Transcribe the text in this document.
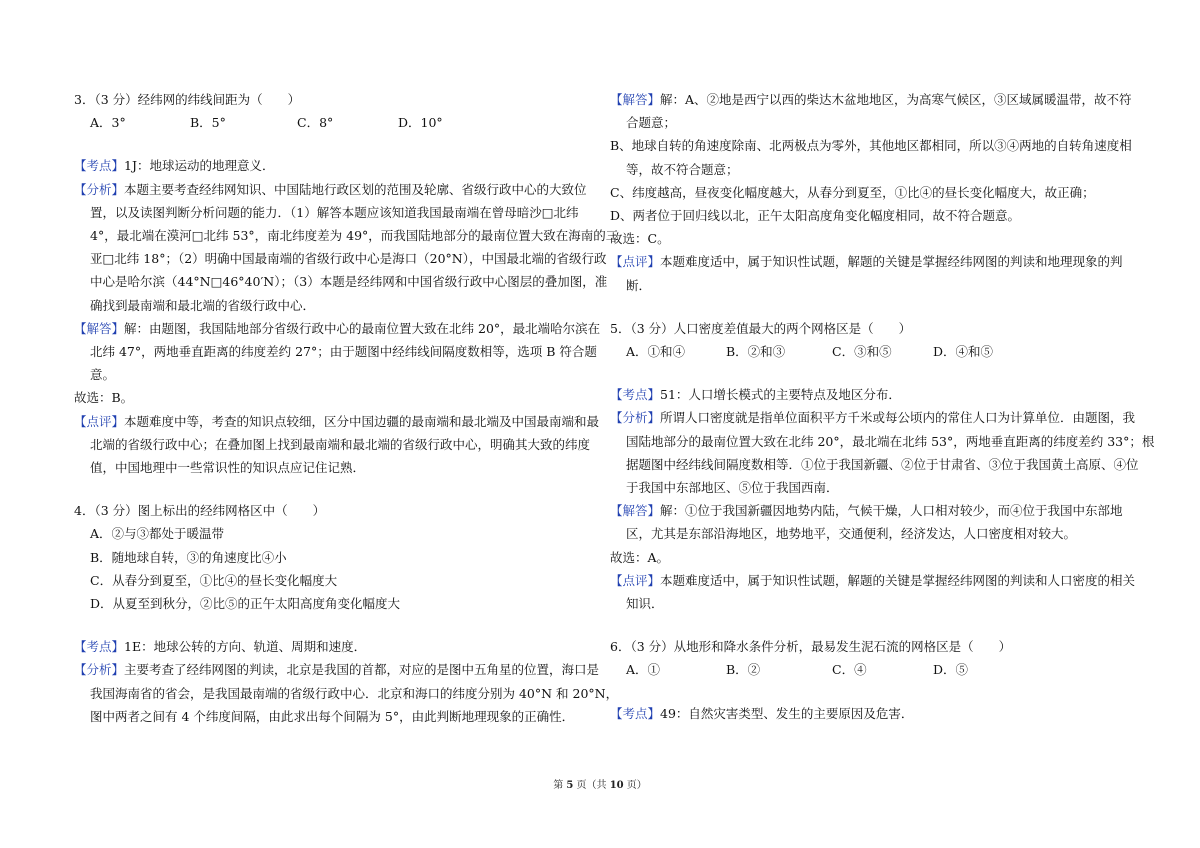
3．（3 分）经纬网的纬线间距为（　　）
A．3°	B．5°	C．8°	D．10°
【考点】1J：地球运动的地理意义．
【分析】本题主要考查经纬网知识、中国陆地行政区划的范围及轮廓、省级行政中心的大致位
置，以及读图判断分析问题的能力．（1）解答本题应该知道我国最南端在曾母暗沙□北纬
4°，最北端在漠河□北纬 53°，南北纬度差为 49°，而我国陆地部分的最南位置大致在海南的三
亚□北纬 18°；（2）明确中国最南端的省级行政中心是海口（20°N），中国最北端的省级行政
中心是哈尔滨（44°N□46°40′N）；（3）本题是经纬网和中国省级行政中心图层的叠加图，准
确找到最南端和最北端的省级行政中心．
【解答】解：由题图，我国陆地部分省级行政中心的最南位置大致在北纬 20°，最北端哈尔滨在
北纬 47°，两地垂直距离的纬度差约 27°；由于题图中经纬线间隔度数相等，选项 B 符合题
意。
故选：B。
【点评】本题难度中等，考查的知识点较细，区分中国边疆的最南端和最北端及中国最南端和最
北端的省级行政中心；在叠加图上找到最南端和最北端的省级行政中心，明确其大致的纬度
值，中国地理中一些常识性的知识点应记住记熟．
4．（3 分）图上标出的经纬网格区中（　　）
A．②与③都处于暖温带
B．随地球自转，③的角速度比④小
C．从春分到夏至，①比④的昼长变化幅度大
D．从夏至到秋分，②比⑤的正午太阳高度角变化幅度大
【考点】1E：地球公转的方向、轨道、周期和速度．
【分析】主要考查了经纬网图的判读，北京是我国的首都，对应的是图中五角星的位置，海口是
我国海南省的省会，是我国最南端的省级行政中心．北京和海口的纬度分别为 40°N 和 20°N，
图中两者之间有 4 个纬度间隔，由此求出每个间隔为 5°，由此判断地理现象的正确性．
【解答】解：A、②地是西宁以西的柴达木盆地地区，为高寒气候区，③区域属暖温带，故不符
合题意；
B、地球自转的角速度除南、北两极点为零外，其他地区都相同，所以③④两地的自转角速度相
等，故不符合题意；
C、纬度越高，昼夜变化幅度越大，从春分到夏至，①比④的昼长变化幅度大，故正确；
D、两者位于回归线以北，正午太阳高度角变化幅度相同，故不符合题意。
故选：C。
【点评】本题难度适中，属于知识性试题，解题的关键是掌握经纬网图的判读和地理现象的判
断．
5．（3 分）人口密度差值最大的两个网格区是（　　）
A．①和④	B．②和③	C．③和⑤	D．④和⑤
【考点】51：人口增长模式的主要特点及地区分布．
【分析】所谓人口密度就是指单位面积平方千米或每公顷内的常住人口为计算单位．由题图，我
国陆地部分的最南位置大致在北纬 20°，最北端在北纬 53°，两地垂直距离的纬度差约 33°；根
据题图中经纬线间隔度数相等．①位于我国新疆、②位于甘肃省、③位于我国黄土高原、④位
于我国中东部地区、⑤位于我国西南．
【解答】解：①位于我国新疆因地势内陆，气候干燥，人口相对较少，而④位于我国中东部地
区，尤其是东部沿海地区，地势地平，交通便利，经济发达，人口密度相对较大。
故选：A。
【点评】本题难度适中，属于知识性试题，解题的关键是掌握经纬网图的判读和人口密度的相关
知识．
6．（3 分）从地形和降水条件分析，最易发生泥石流的网格区是（　　）
A．①	B．②	C．④	D．⑤
【考点】49：自然灾害类型、发生的主要原因及危害．
第 5 页（共 10 页）
